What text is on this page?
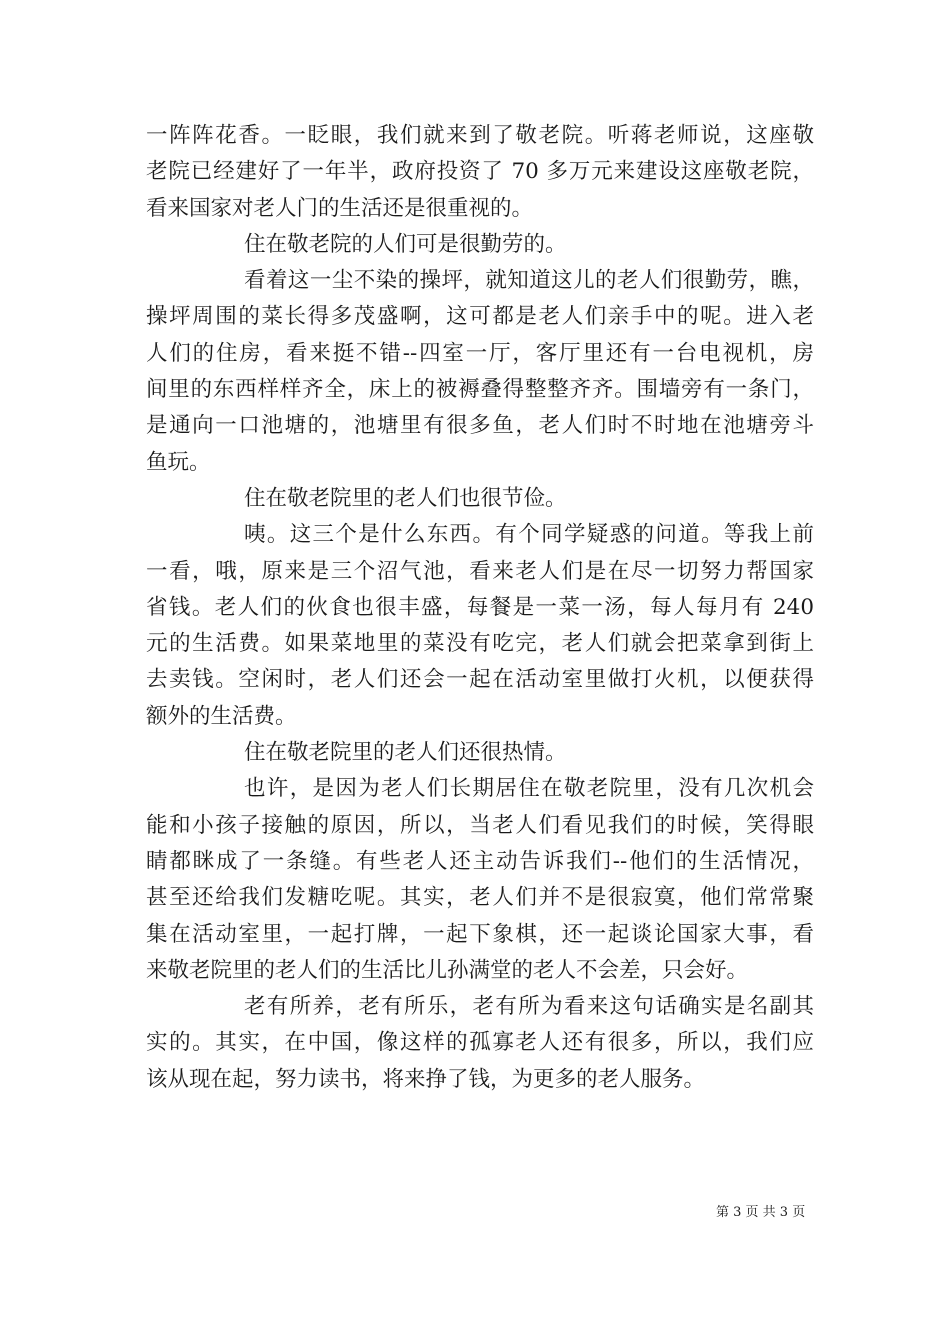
一阵阵花香。一眨眼，我们就来到了敬老院。听蒋老师说，这座敬
老院已经建好了一年半，政府投资了 70 多万元来建设这座敬老院，
看来国家对老人门的生活还是很重视的。
住在敬老院的人们可是很勤劳的。
看着这一尘不染的操坪，就知道这儿的老人们很勤劳，瞧，
操坪周围的菜长得多茂盛啊，这可都是老人们亲手中的呢。进入老
人们的住房，看来挺不错--四室一厅，客厅里还有一台电视机，房
间里的东西样样齐全，床上的被褥叠得整整齐齐。围墙旁有一条门，
是通向一口池塘的，池塘里有很多鱼，老人们时不时地在池塘旁斗
鱼玩。
住在敬老院里的老人们也很节俭。
咦。这三个是什么东西。有个同学疑惑的问道。等我上前
一看，哦，原来是三个沼气池，看来老人们是在尽一切努力帮国家
省钱。老人们的伙食也很丰盛，每餐是一菜一汤，每人每月有 240
元的生活费。如果菜地里的菜没有吃完，老人们就会把菜拿到街上
去卖钱。空闲时，老人们还会一起在活动室里做打火机，以便获得
额外的生活费。
住在敬老院里的老人们还很热情。
也许，是因为老人们长期居住在敬老院里，没有几次机会
能和小孩子接触的原因，所以，当老人们看见我们的时候，笑得眼
睛都眯成了一条缝。有些老人还主动告诉我们--他们的生活情况，
甚至还给我们发糖吃呢。其实，老人们并不是很寂寞，他们常常聚
集在活动室里，一起打牌，一起下象棋，还一起谈论国家大事，看
来敬老院里的老人们的生活比儿孙满堂的老人不会差，只会好。
老有所养，老有所乐，老有所为看来这句话确实是名副其
实的。其实，在中国，像这样的孤寡老人还有很多，所以，我们应
该从现在起，努力读书，将来挣了钱，为更多的老人服务。
第 3 页 共 3 页
